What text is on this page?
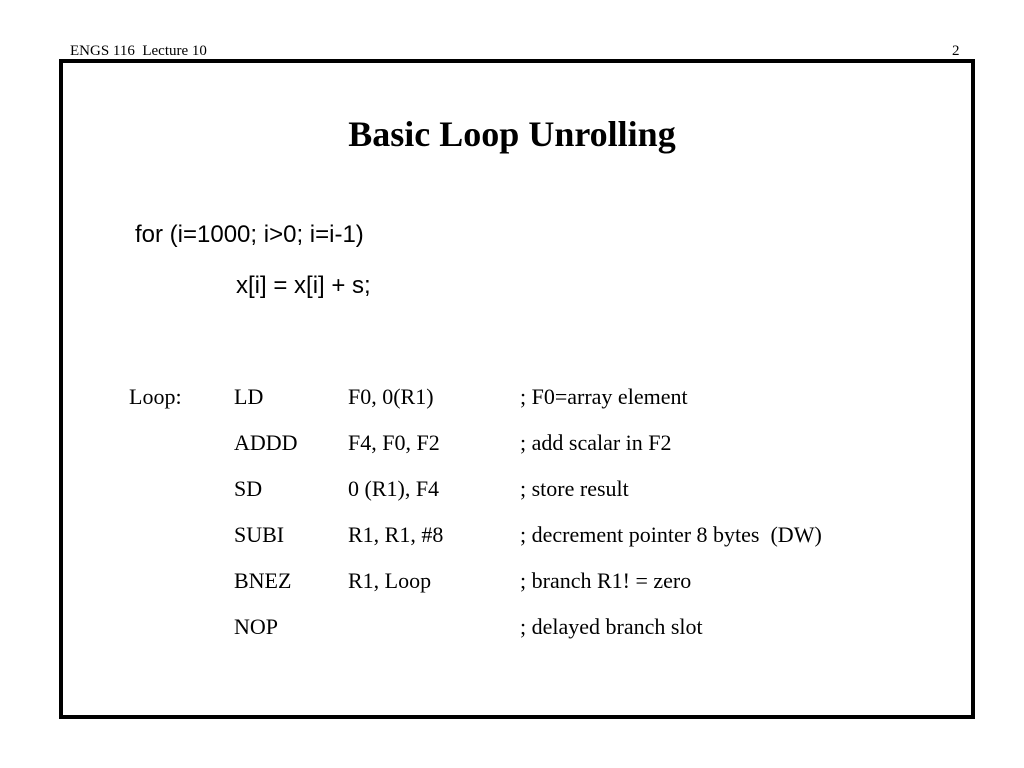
ENGS 116  Lecture 10	2
Basic Loop Unrolling
for (i=1000; i>0; i=i-1)
x[i] = x[i] + s;
Loop: LD	F0, 0(R1)	; F0=array element
ADDD F4, F0, F2	; add scalar in F2
SD	0 (R1), F4	; store result
SUBI	R1, R1, #8	; decrement pointer 8 bytes  (DW)
BNEZ	R1, Loop	; branch R1! = zero
NOP	; delayed branch slot
